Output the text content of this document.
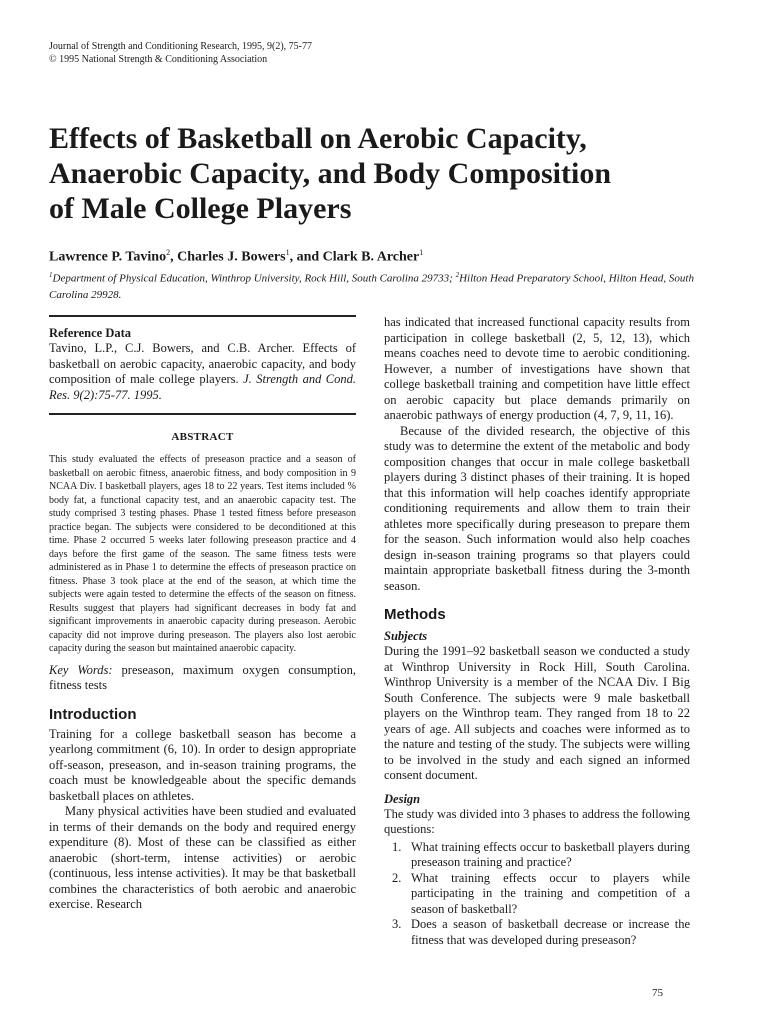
Journal of Strength and Conditioning Research, 1995, 9(2), 75-77
© 1995 National Strength & Conditioning Association
Effects of Basketball on Aerobic Capacity,
Anaerobic Capacity, and Body Composition
of Male College Players
Lawrence P. Tavino$^2$, Charles J. Bowers$^1$, and Clark B. Archer$^1$
$^1$Department of Physical Education, Winthrop University, Rock Hill, South Carolina 29733; $^2$Hilton Head Preparatory School, Hilton Head, South Carolina 29928.
Reference Data

Tavino, L.P., C.J. Bowers, and C.B. Archer. Effects of basketball on aerobic capacity, anaerobic capacity, and body composition of male college players. J. Strength and Cond. Res. 9(2):75-77. 1995.

ABSTRACT

This study evaluated the effects of preseason practice and a season of basketball on aerobic fitness, anaerobic fitness, and body composition in 9 NCAA Div. I basketball players, ages 18 to 22 years. Test items included % body fat, a functional capacity test, and an anaerobic capacity test. The study comprised 3 testing phases. Phase 1 tested fitness before preseason practice began. The subjects were considered to be deconditioned at this time. Phase 2 occurred 5 weeks later following preseason practice and 4 days before the first game of the season. The same fitness tests were administered as in Phase 1 to determine the effects of preseason practice on fitness. Phase 3 took place at the end of the season, at which time the subjects were again tested to determine the effects of the season on fitness. Results suggest that players had significant decreases in body fat and significant improvements in anaerobic capacity during preseason. Aerobic capacity did not improve during preseason. The players also lost aerobic capacity during the season but maintained anaerobic capacity.

Key Words: preseason, maximum oxygen consumption, fitness tests

Introduction

Training for a college basketball season has become a yearlong commitment (6, 10). In order to design appropriate off-season, preseason, and in-season training programs, the coach must be knowledgeable about the specific demands basketball places on athletes.

Many physical activities have been studied and evaluated in terms of their demands on the body and required energy expenditure (8). Most of these can be classified as either anaerobic (short-term, intense activities) or aerobic (continuous, less intense activities). It may be that basketball combines the characteristics of both aerobic and anaerobic exercise. Research

has indicated that increased functional capacity results from participation in college basketball (2, 5, 12, 13), which means coaches need to devote time to aerobic conditioning. However, a number of investigations have shown that college basketball training and competition have little effect on aerobic capacity but place demands primarily on anaerobic pathways of energy production (4, 7, 9, 11, 16).

Because of the divided research, the objective of this study was to determine the extent of the metabolic and body composition changes that occur in male college basketball players during 3 distinct phases of their training. It is hoped that this information will help coaches identify appropriate conditioning requirements and allow them to train their athletes more specifically during preseason to prepare them for the season. Such information would also help coaches design in-season training programs so that players could maintain appropriate basketball fitness during the 3-month season.

Methods
Subjects

During the 1991–92 basketball season we conducted a study at Winthrop University in Rock Hill, South Carolina. Winthrop University is a member of the NCAA Div. I Big South Conference. The subjects were 9 male basketball players on the Winthrop team. They ranged from 18 to 22 years of age. All subjects and coaches were informed as to the nature and testing of the study. The subjects were willing to be involved in the study and each signed an informed consent document.

Design

The study was divided into 3 phases to address the following questions:

1. What training effects occur to basketball players during preseason training and practice?
2. What training effects occur to players while participating in the training and competition of a season of basketball?
3. Does a season of basketball decrease or increase the fitness that was developed during preseason?
75
